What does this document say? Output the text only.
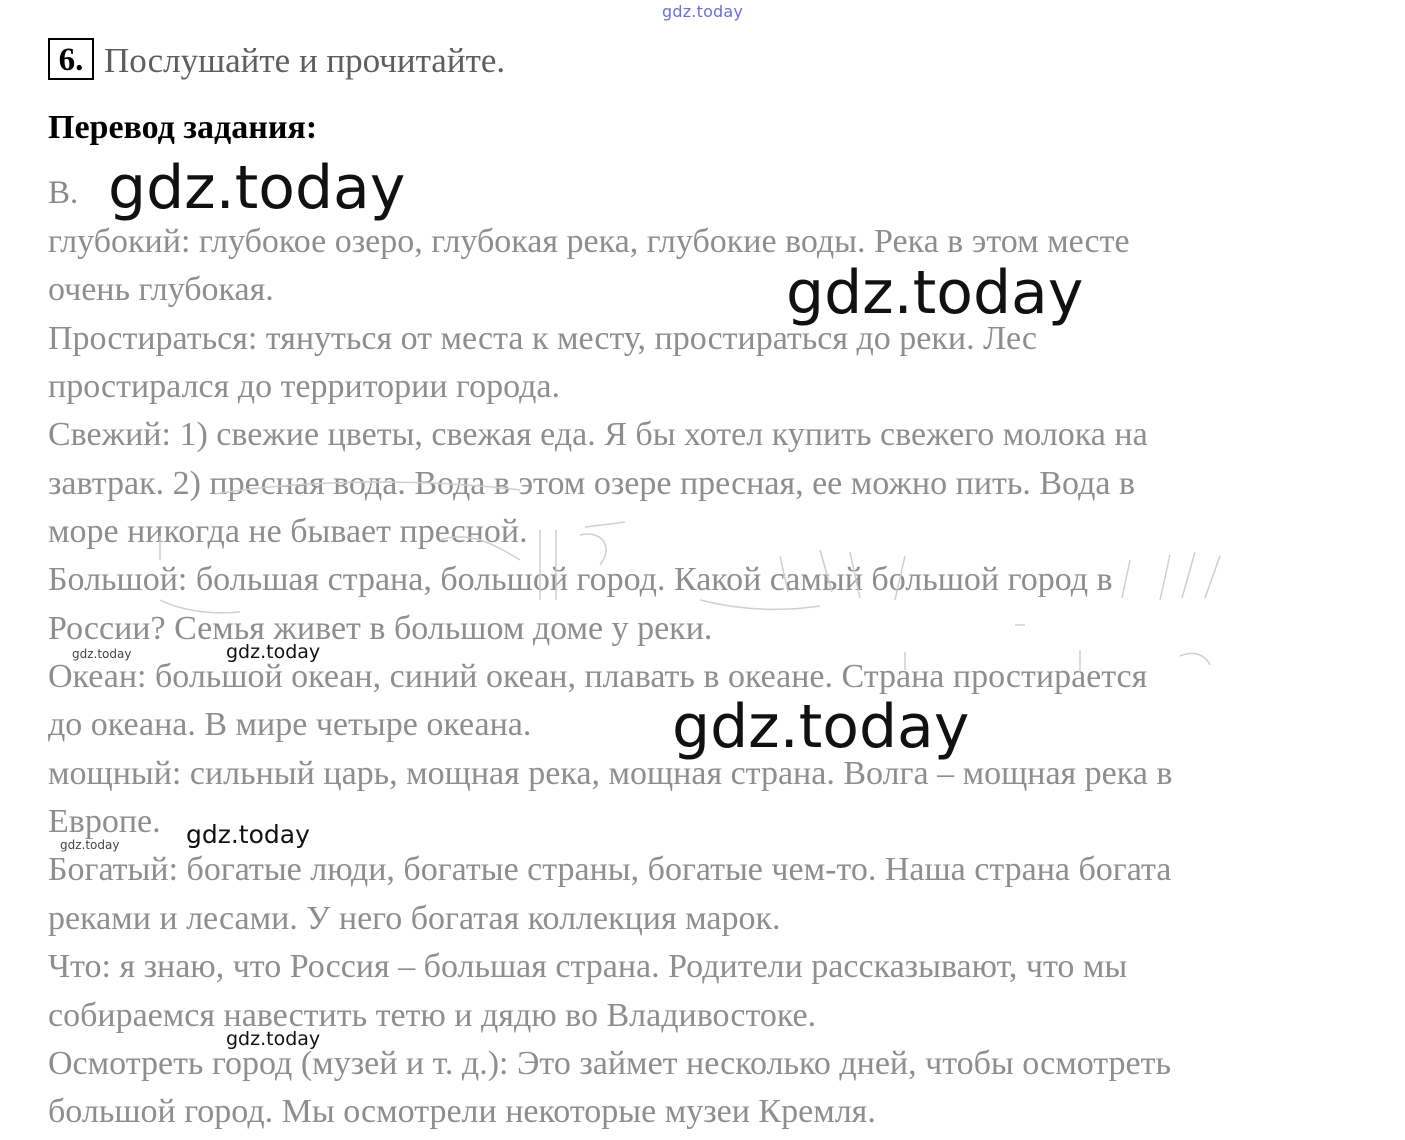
gdz.today
6. Послушайте и прочитайте.
Перевод задания:
В.
глубокий: глубокое озеро, глубокая река, глубокие воды. Река в этом месте
очень глубокая.
Простираться: тянуться от места к месту, простираться до реки. Лес
простирался до территории города.
Свежий: 1) свежие цветы, свежая еда. Я бы хотел купить свежего молока на
завтрак. 2) пресная вода. Вода в этом озере пресная, ее можно пить. Вода в
море никогда не бывает пресной.
Большой: большая страна, большой город. Какой самый большой город в
России? Семья живет в большом доме у реки.
Океан: большой океан, синий океан, плавать в океане. Страна простирается
до океана. В мире четыре океана.
мощный: сильный царь, мощная река, мощная страна. Волга – мощная река в
Европе.
Богатый: богатые люди, богатые страны, богатые чем-то. Наша страна богата
реками и лесами. У него богатая коллекция марок.
Что: я знаю, что Россия – большая страна. Родители рассказывают, что мы
собираемся навестить тетю и дядю во Владивостоке.
Осмотреть город (музей и т. д.): Это займет несколько дней, чтобы осмотреть
большой город. Мы осмотрели некоторые музеи Кремля.
gdz.today
gdz.today
gdz.today
gdz.today
gdz.today
gdz.today
gdz.today
gdz.today
